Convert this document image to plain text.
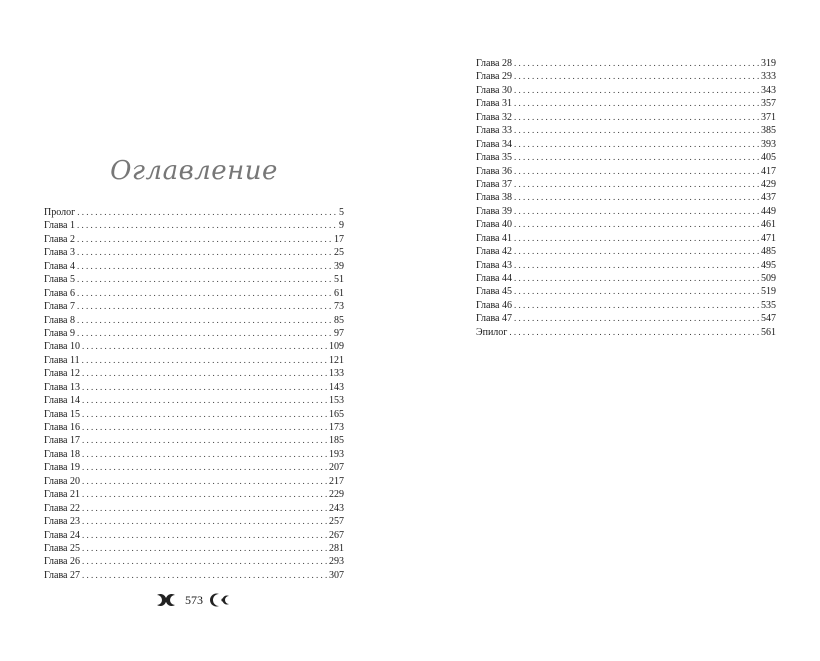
Оглавление
Пролог . . .	5
Глава 1 . . .	9
Глава 2 . . .	17
Глава 3 . . .	25
Глава 4 . . .	39
Глава 5 . . .	51
Глава 6 . . .	61
Глава 7 . . .	73
Глава 8 . . .	85
Глава 9 . . .	97
Глава 10 . . .	109
Глава 11 . . .	121
Глава 12 . . .	133
Глава 13 . . .	143
Глава 14 . . .	153
Глава 15 . . .	165
Глава 16 . . .	173
Глава 17 . . .	185
Глава 18 . . .	193
Глава 19 . . .	207
Глава 20 . . .	217
Глава 21 . . .	229
Глава 22 . . .	243
Глава 23 . . .	257
Глава 24 . . .	267
Глава 25 . . .	281
Глава 26 . . .	293
Глава 27 . . .	307
Глава 28 . . .	319
Глава 29 . . .	333
Глава 30 . . .	343
Глава 31 . . .	357
Глава 32 . . .	371
Глава 33 . . .	385
Глава 34 . . .	393
Глава 35 . . .	405
Глава 36 . . .	417
Глава 37 . . .	429
Глава 38 . . .	437
Глава 39 . . .	449
Глава 40 . . .	461
Глава 41 . . .	471
Глава 42 . . .	485
Глава 43 . . .	495
Глава 44 . . .	509
Глава 45 . . .	519
Глава 46 . . .	535
Глава 47 . . .	547
Эпилог . . .	561
573
